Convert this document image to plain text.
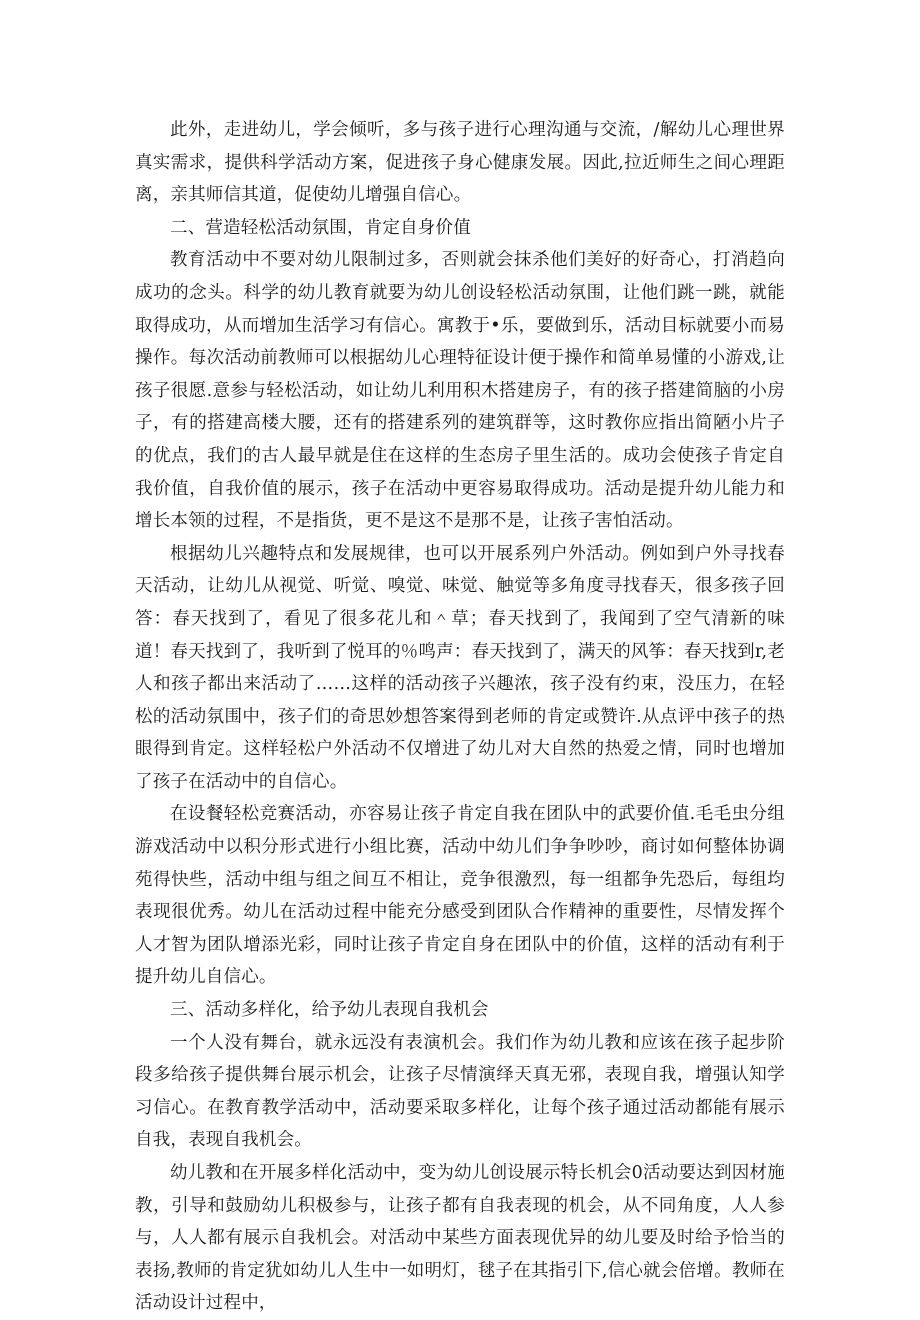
此外，走进幼儿，学会倾听，多与孩子进行心理沟通与交流，/解幼儿心理世界真实需求，提供科学活动方案，促进孩子身心健康发展。因此,拉近师生之间心理距离，亲其师信其道，促使幼儿增强自信心。

二、营造轻松活动氛围，肯定自身价值

教育活动中不要对幼儿限制过多，否则就会抹杀他们美好的好奇心，打消趋向成功的念头。科学的幼儿教育就要为幼儿创设轻松活动氛围，让他们跳一跳，就能取得成功，从而增加生活学习有信心。寓教于•乐，要做到乐，活动目标就要小而易操作。每次活动前教师可以根据幼儿心理特征设计便于操作和简单易懂的小游戏,让孩子很愿.意参与轻松活动，如让幼儿利用积木搭建房子，有的孩子搭建简脑的小房子，有的搭建高楼大腰，还有的搭建系列的建筑群等，这时教你应指出简陋小片子的优点，我们的古人最早就是住在这样的生态房子里生活的。成功会使孩子肯定自我价值，自我价值的展示，孩子在活动中更容易取得成功。活动是提升幼儿能力和增长本领的过程，不是指货，更不是这不是那不是，让孩子害怕活动。

根据幼儿兴趣特点和发展规律，也可以开展系列户外活动。例如到户外寻找春天活动，让幼儿从视觉、听觉、嗅觉、味觉、触觉等多角度寻找春天，很多孩子回答：春天找到了，看见了很多花儿和＾草；春天找到了，我闻到了空气清新的味道！春天找到了，我听到了悦耳的％鸣声：春天找到了，满天的风筝：春天找到r,老人和孩子都出来活动了……这样的活动孩子兴趣浓，孩子没有约束，没压力，在轻松的活动氛围中，孩子们的奇思妙想答案得到老师的肯定或赞许.从点评中孩子的热眼得到肯定。这样轻松户外活动不仅增进了幼儿对大自然的热爱之情，同时也增加了孩子在活动中的自信心。

在设餐轻松竞赛活动，亦容易让孩子肯定自我在团队中的武要价值.毛毛虫分组游戏活动中以积分形式进行小组比赛，活动中幼儿们争争吵吵，商讨如何整体协调苑得快些，活动中组与组之间互不相让，竞争很激烈，每一组都争先恐后，每组均表现很优秀。幼儿在活动过程中能充分感受到团队合作精神的重要性，尽情发挥个人才智为团队增添光彩，同时让孩子肯定自身在团队中的价值，这样的活动有利于提升幼儿自信心。

三、活动多样化，给予幼儿表现自我机会

一个人没有舞台，就永远没有表演机会。我们作为幼儿教和应该在孩子起步阶段多给孩子提供舞台展示机会，让孩子尽情演绎天真无邪，表现自我，增强认知学习信心。在教育教学活动中，活动要采取多样化，让每个孩子通过活动都能有展示自我，表现自我机会。

幼儿教和在开展多样化活动中，变为幼儿创设展示特长机会0活动要达到因材施教，引导和鼓励幼儿积极参与，让孩子都有自我表现的机会，从不同角度，人人参与，人人都有展示自我机会。对活动中某些方面表现优异的幼儿要及时给予恰当的表扬,教师的肯定犹如幼儿人生中一如明灯，毬子在其指引下,信心就会倍增。教师在活动设计过程中，
